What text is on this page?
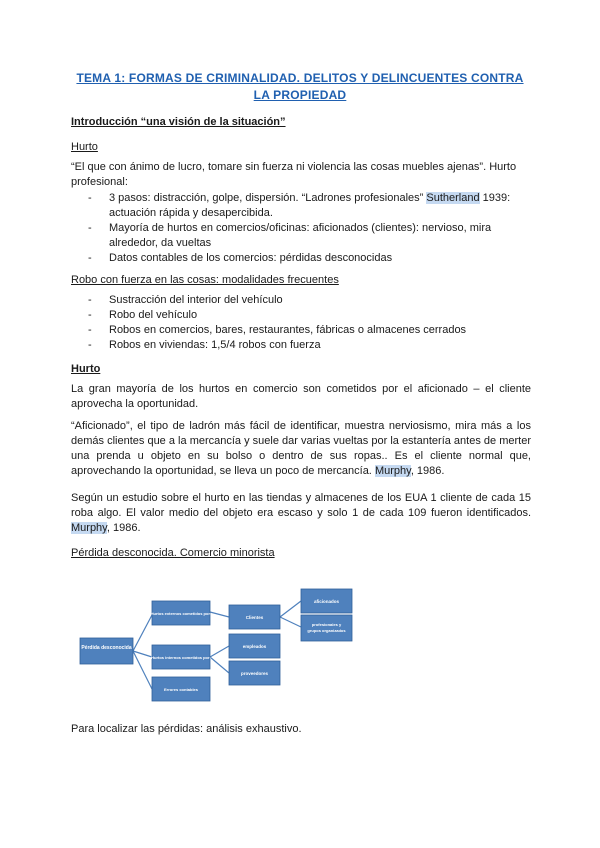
TEMA 1: FORMAS DE CRIMINALIDAD. DELITOS Y DELINCUENTES CONTRA
LA PROPIEDAD
Introducción “una visión de la situación”
Hurto
“El que con ánimo de lucro, tomare sin fuerza ni violencia las cosas muebles ajenas”. Hurto profesional:
- 3 pasos: distracción, golpe, dispersión. “Ladrones profesionales” Sutherland 1939: actuación rápida y desapercibida.
- Mayoría de hurtos en comercios/oficinas: aficionados (clientes): nervioso, mira alrededor, da vueltas
- Datos contables de los comercios: pérdidas desconocidas
Robo con fuerza en las cosas: modalidades frecuentes
- Sustracción del interior del vehículo
- Robo del vehículo
- Robos en comercios, bares, restaurantes, fábricas o almacenes cerrados
- Robos en viviendas: 1,5/4 robos con fuerza
Hurto
La gran mayoría de los hurtos en comercio son cometidos por el aficionado – el cliente aprovecha la oportunidad.
“Aficionado”, el tipo de ladrón más fácil de identificar, muestra nerviosismo, mira más a los demás clientes que a la mercancía y suele dar varias vueltas por la estantería antes de merter una prenda u objeto en su bolso o dentro de sus ropas.. Es el cliente normal que, aprovechando la oportunidad, se lleva un poco de mercancía. Murphy, 1986.
Según un estudio sobre el hurto en las tiendas y almacenes de los EUA 1 cliente de cada 15 roba algo. El valor medio del objeto era escaso y solo 1 de cada 109 fueron identificados. Murphy, 1986.
Pérdida desconocida. Comercio minorista
Pérdida desconocida
Hurtos externos cometidos por:
Hurtos internos cometidos por:
Errores contables
Clientes
empleados
proveedores
aficionados
profesionales y
grupos organizados
Para localizar las pérdidas: análisis exhaustivo.
